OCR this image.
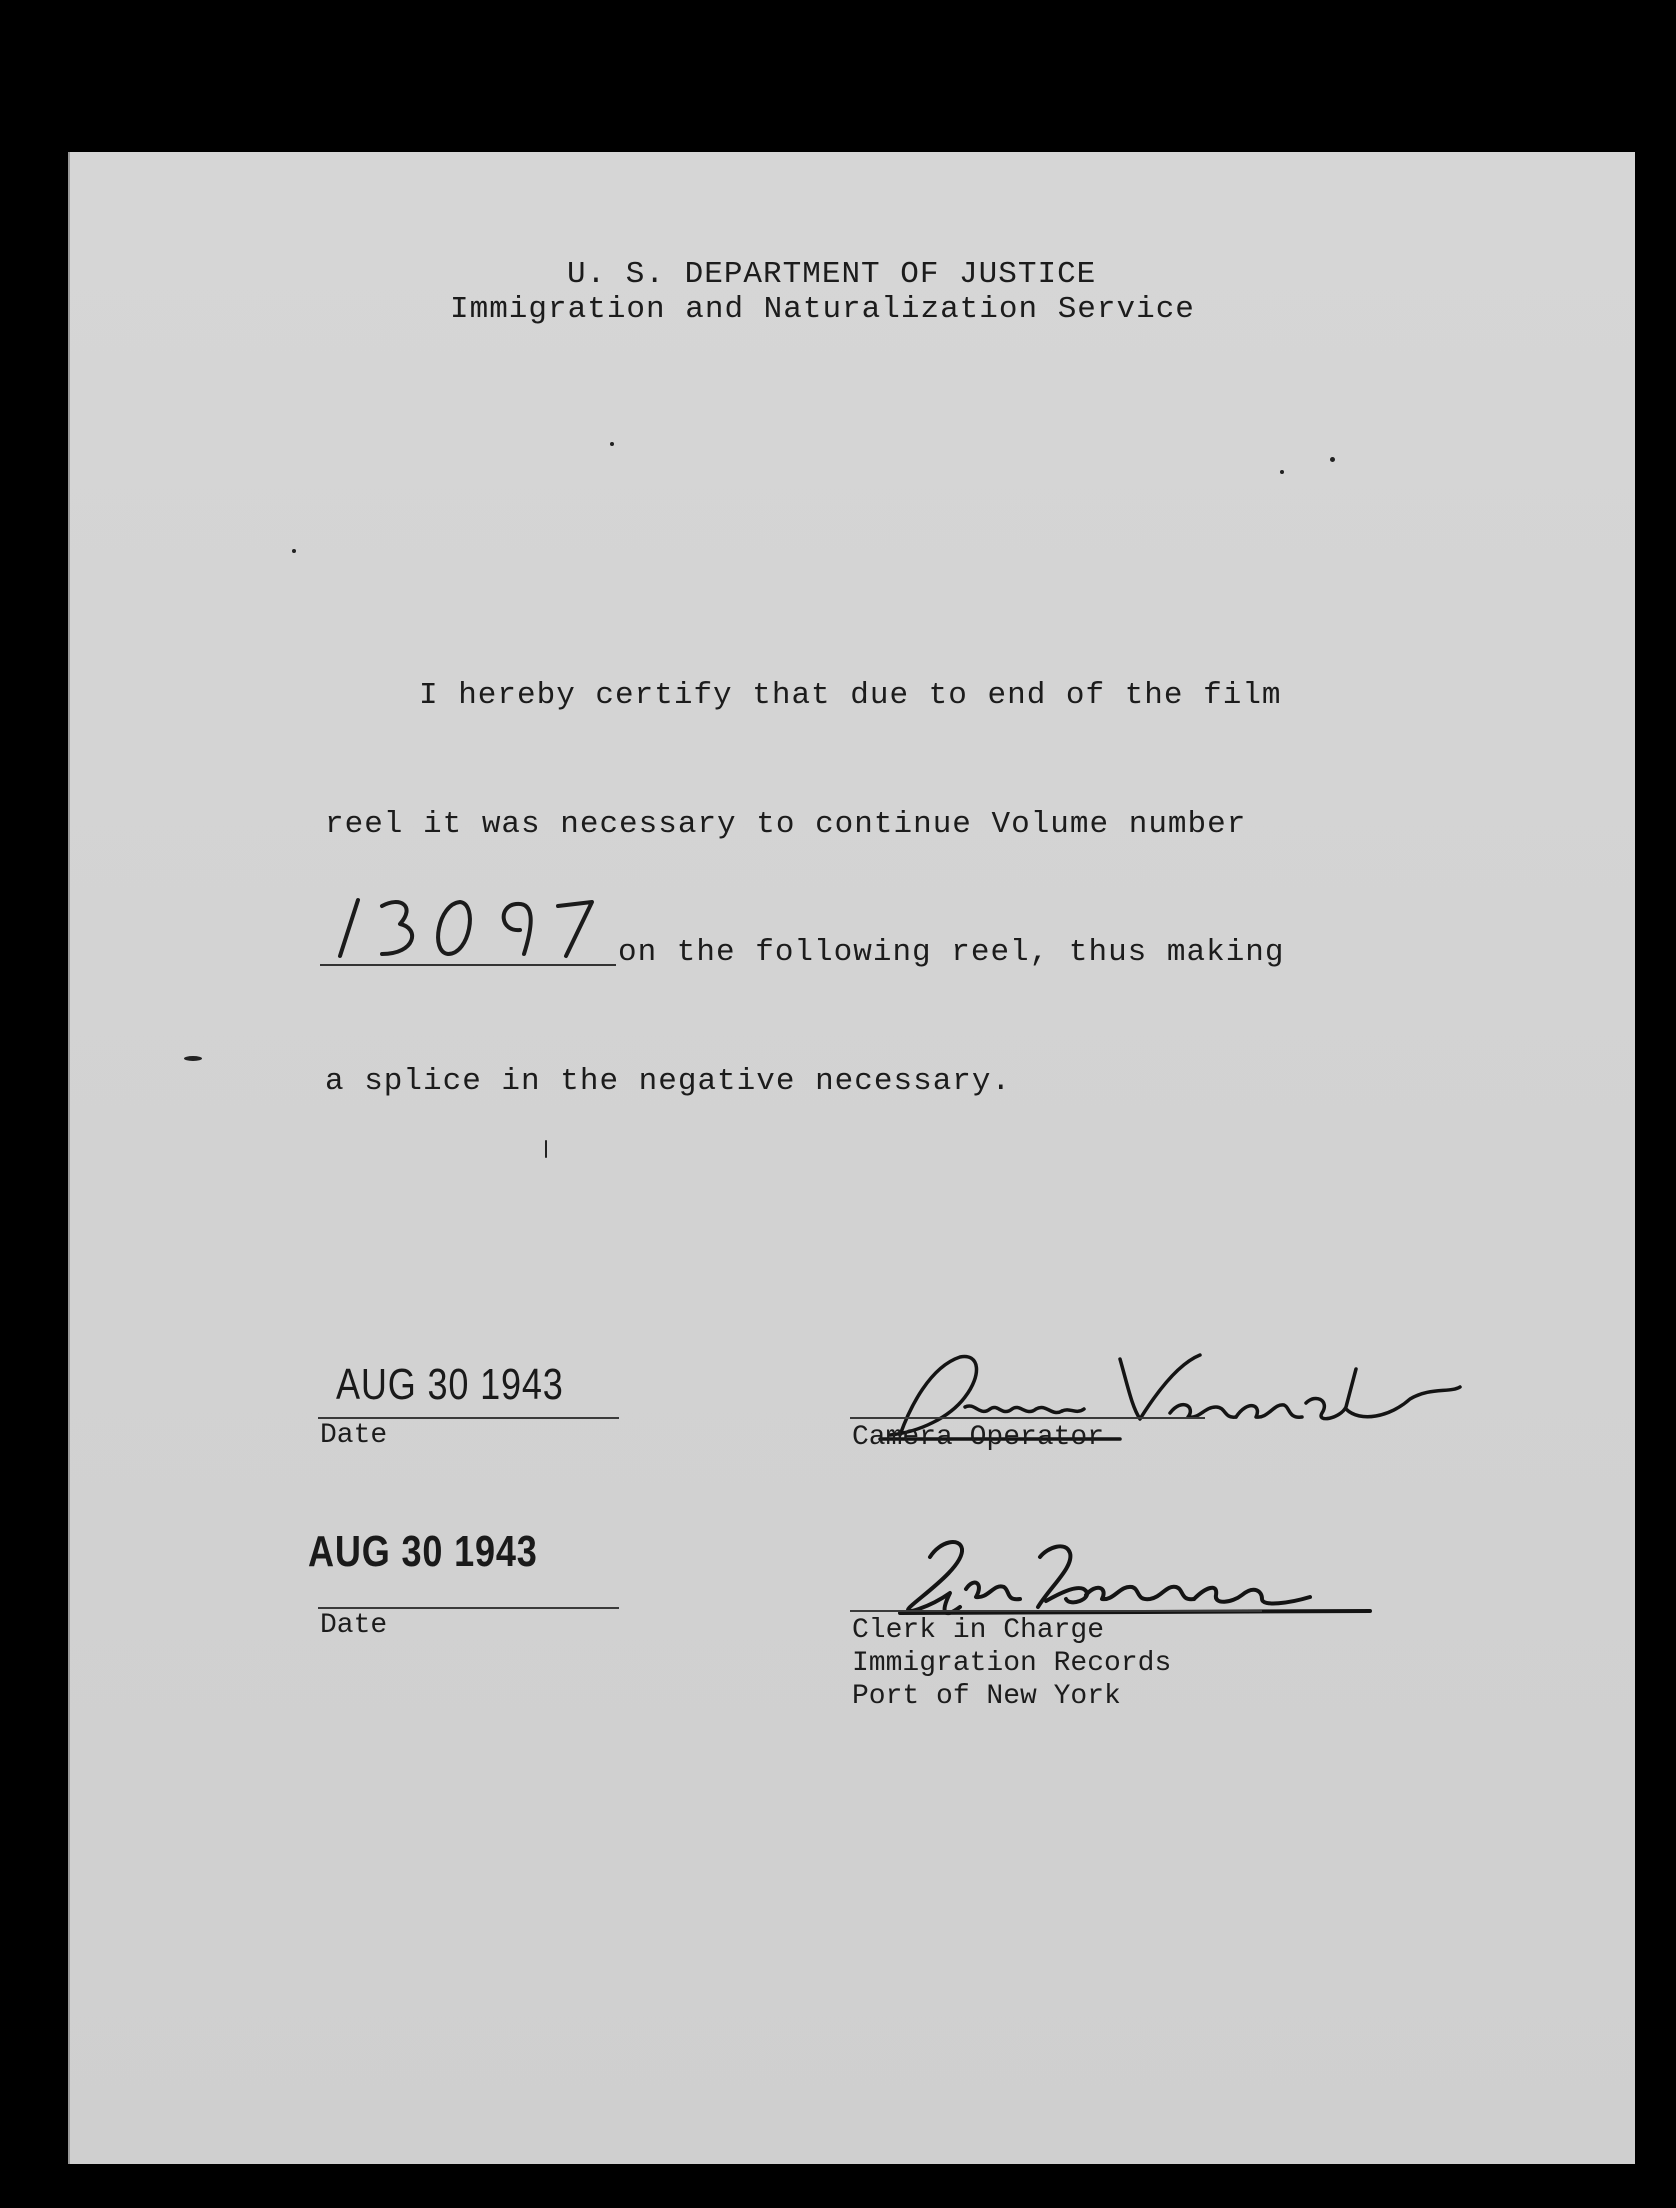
U. S. DEPARTMENT OF JUSTICE
Immigration and Naturalization Service
I hereby certify that due to end of the film
reel it was necessary to continue Volume number
on the following reel, thus making
a splice in the negative necessary.
AUG 30 1943
Date	Camera Operator
AUG 30 1943
Date	Clerk in Charge
Immigration Records
Port of New York
